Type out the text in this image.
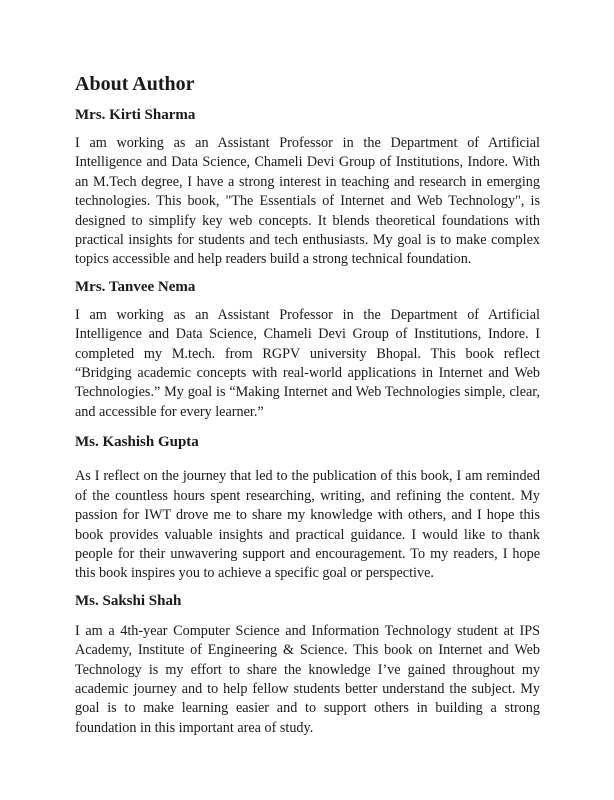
About Author
Mrs. Kirti Sharma

I am working as an Assistant Professor in the Department of Artificial Intelligence and Data Science, Chameli Devi Group of Institutions, Indore. With an M.Tech degree, I have a strong interest in teaching and research in emerging technologies. This book, "The Essentials of Internet and Web Technology", is designed to simplify key web concepts. It blends theoretical foundations with practical insights for students and tech enthusiasts. My goal is to make complex topics accessible and help readers build a strong technical foundation.

Mrs. Tanvee Nema

I am working as an Assistant Professor in the Department of Artificial Intelligence and Data Science, Chameli Devi Group of Institutions, Indore. I completed my M.tech. from RGPV university Bhopal. This book reflect “Bridging academic concepts with real-world applications in Internet and Web Technologies.” My goal is “Making Internet and Web Technologies simple, clear, and accessible for every learner.”

Ms. Kashish Gupta

As I reflect on the journey that led to the publication of this book, I am reminded of the countless hours spent researching, writing, and refining the content. My passion for IWT drove me to share my knowledge with others, and I hope this book provides valuable insights and practical guidance. I would like to thank people for their unwavering support and encouragement. To my readers, I hope this book inspires you to achieve a specific goal or perspective.

Ms. Sakshi Shah

I am a 4th-year Computer Science and Information Technology student at IPS Academy, Institute of Engineering & Science. This book on Internet and Web Technology is my effort to share the knowledge I’ve gained throughout my academic journey and to help fellow students better understand the subject. My goal is to make learning easier and to support others in building a strong foundation in this important area of study.
